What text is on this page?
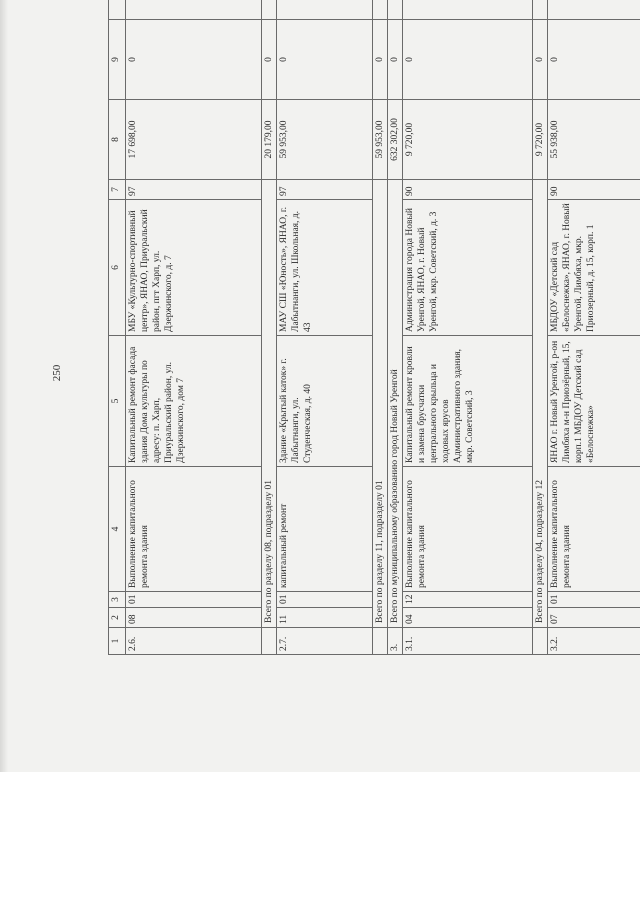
250
1	2	3	4	5	6	7	8	9	
2.6.	08	01	Выполнение капитального ремонта здания	Капитальный ремонт фасада здания Дома культуры по адресу: п. Харп, Приуральский район, ул. Дзержинского, дом 7	МБУ «Культурно-спортивный центр», ЯНАО, Приуральский район, пгт Харп, ул. Дзержинского, д. 7	97	17 698,00	0	
	Всего по разделу 08, подразделу 01						20 179,00	0	
2.7.	11	01	капитальный ремонт	Здание «Крытый каток» г. Лабытнанги, ул. Студенческая, д. 40	МАУ СШ «Юность», ЯНАО, г. Лабытнанги, ул. Школьная, д. 43	97	59 953,00	0	
	Всего по разделу 11, подразделу 01						59 953,00	0	
3.	Всего по муниципальному образованию город Новый Уренгой						632 302,00	0	
3.1.	04	12	Выполнение капитального ремонта здания	Капитальный ремонт кровли и замена брусчатки центрального крыльца и ходовых ярусов Административного здания, мкр. Советский, 3	Администрация города Новый Уренгой, ЯНАО, г. Новый Уренгой, мкр. Советский, д. 3	90	9 720,00	0	
	Всего по разделу 04, подразделу 12						9 720,00	0	
3.2.	07	01	Выполнение капитального ремонта здания	ЯНАО г. Новый Уренгой, р-он Лимбяха м-н Приозёрный, 15, корп.1 МБДОУ Детский сад «Белоснежка»	МБДОУ «Детский сад «Белоснежка», ЯНАО, г. Новый Уренгой, Лимбяха, мкр. Приозерный, д. 15, корп. 1	90	55 938,00	0	
